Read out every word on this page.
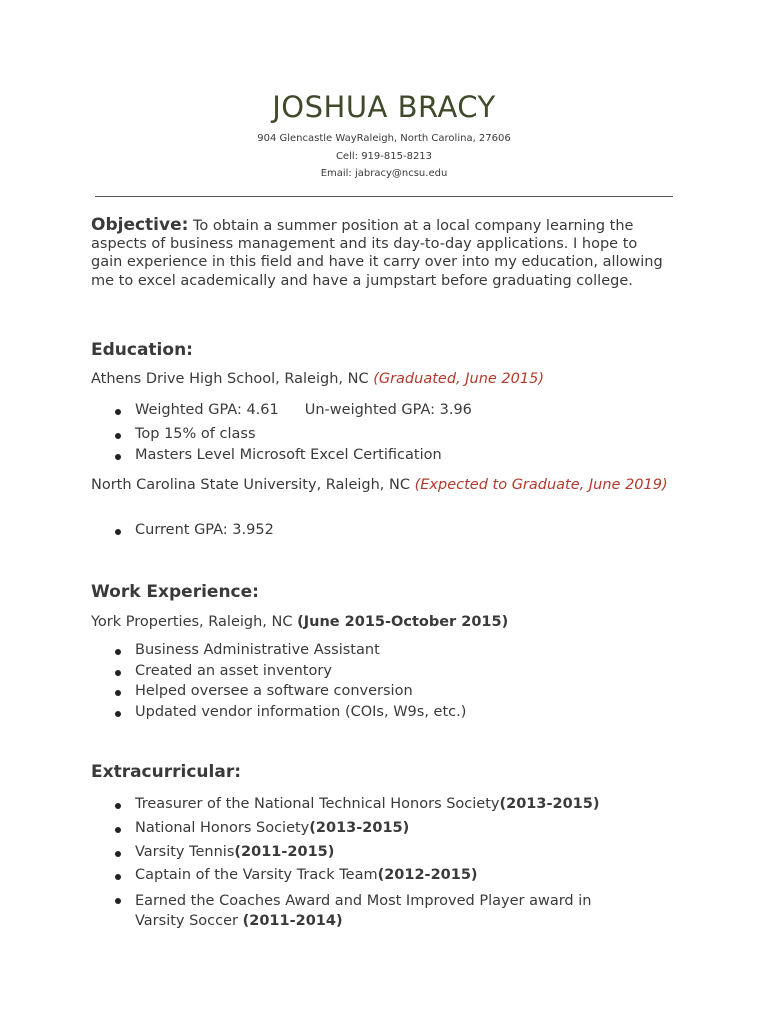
JOSHUA BRACY
904 Glencastle WayRaleigh, North Carolina, 27606
Cell: 919-815-8213
Email: jabracy@ncsu.edu
Objective: To obtain a summer position at a local company learning the aspects of business management and its day-to-day applications. I hope to gain experience in this field and have it carry over into my education, allowing me to excel academically and have a jumpstart before graduating college.
Education:
Athens Drive High School, Raleigh, NC (Graduated, June 2015)
Weighted GPA: 4.61 Un-weighted GPA: 3.96
Top 15% of class
Masters Level Microsoft Excel Certification
North Carolina State University, Raleigh, NC (Expected to Graduate, June 2019)
Current GPA: 3.952
Work Experience:
York Properties, Raleigh, NC (June 2015-October 2015)
Business Administrative Assistant
Created an asset inventory
Helped oversee a software conversion
Updated vendor information (COIs, W9s, etc.)
Extracurricular:
Treasurer of the National Technical Honors Society(2013-2015)
National Honors Society(2013-2015)
Varsity Tennis(2011-2015)
Captain of the Varsity Track Team(2012-2015)
Earned the Coaches Award and Most Improved Player award in Varsity Soccer (2011-2014)
